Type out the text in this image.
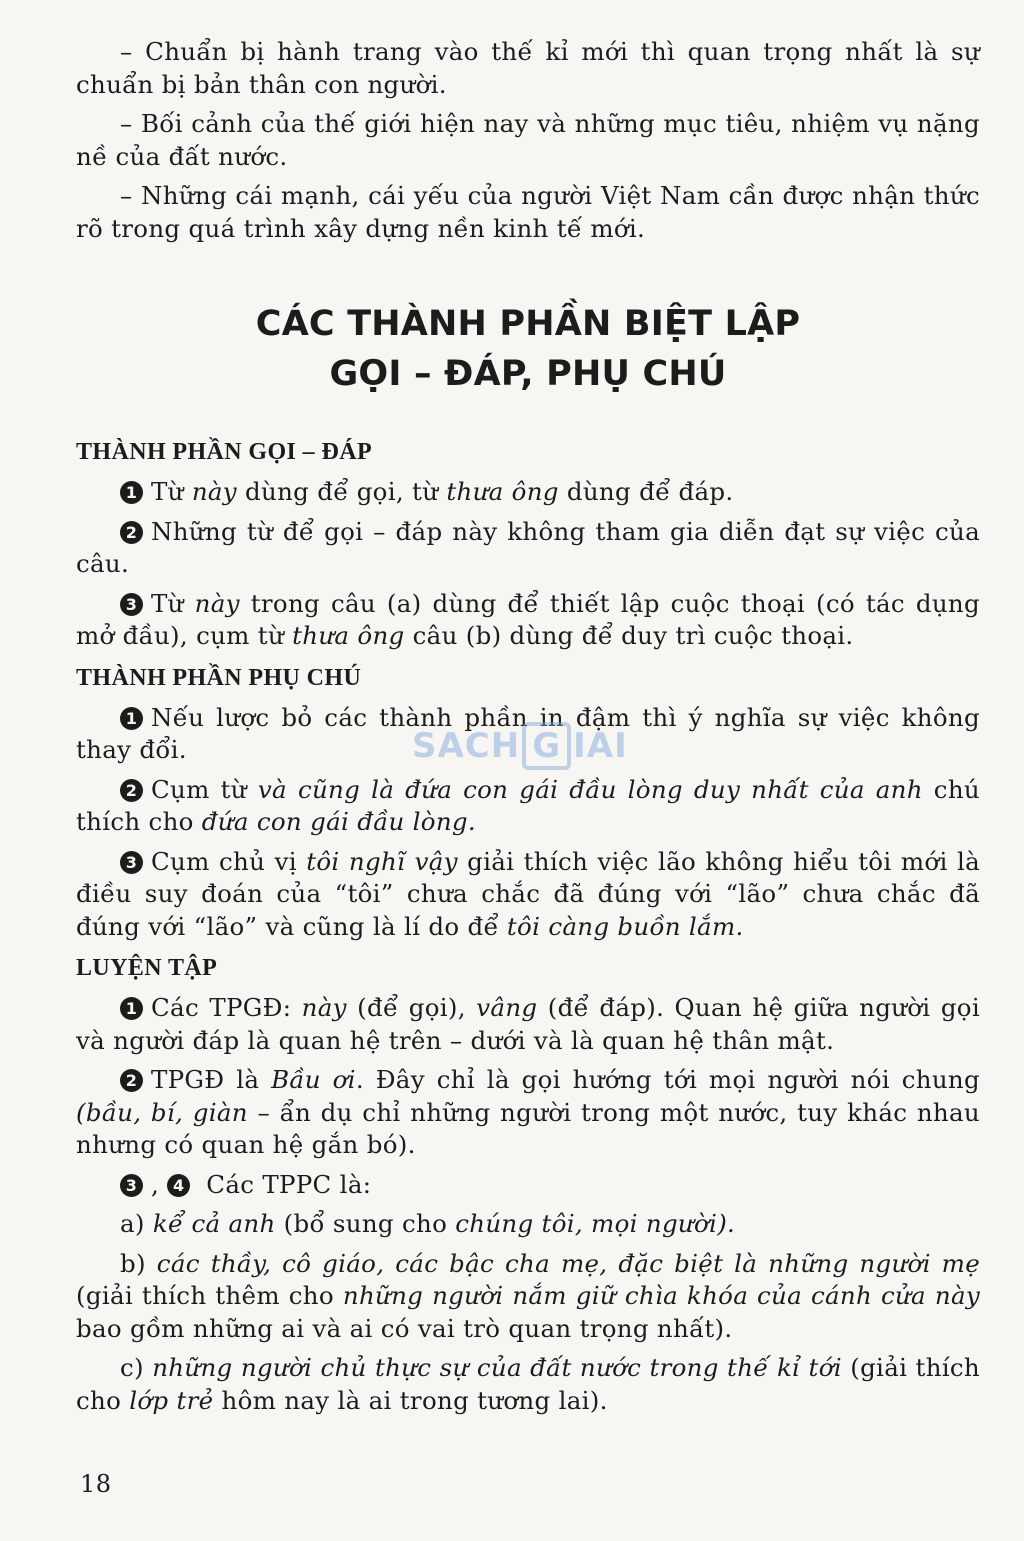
– Chuẩn bị hành trang vào thế kỉ mới thì quan trọng nhất là sự chuẩn bị bản thân con người.

– Bối cảnh của thế giới hiện nay và những mục tiêu, nhiệm vụ nặng nề của đất nước.

– Những cái mạnh, cái yếu của người Việt Nam cần được nhận thức rõ trong quá trình xây dựng nền kinh tế mới.

CÁC THÀNH PHẦN BIỆT LẬP
GỌI – ĐÁP, PHỤ CHÚ
THÀNH PHẦN GỌI – ĐÁP

1 Từ này dùng để gọi, từ thưa ông dùng để đáp.

2 Những từ để gọi – đáp này không tham gia diễn đạt sự việc của câu.

3 Từ này trong câu (a) dùng để thiết lập cuộc thoại (có tác dụng mở đầu), cụm từ thưa ông câu (b) dùng để duy trì cuộc thoại.

THÀNH PHẦN PHỤ CHÚ

1 Nếu lược bỏ các thành phần in đậm thì ý nghĩa sự việc không thay đổi.

2 Cụm từ và cũng là đứa con gái đầu lòng duy nhất của anh chú thích cho đứa con gái đầu lòng.

3 Cụm chủ vị tôi nghĩ vậy giải thích việc lão không hiểu tôi mới là điều suy đoán của “tôi” chưa chắc đã đúng với “lão” chưa chắc đã đúng với “lão” và cũng là lí do để tôi càng buồn lắm.

LUYỆN TẬP

1 Các TPGĐ: này (để gọi), vâng (để đáp). Quan hệ giữa người gọi và người đáp là quan hệ trên – dưới và là quan hệ thân mật.

2 TPGĐ là Bầu ơi. Đây chỉ là gọi hướng tới mọi người nói chung (bầu, bí, giàn – ẩn dụ chỉ những người trong một nước, tuy khác nhau nhưng có quan hệ gắn bó).

3 , 4 Các TPPC là:

a) kể cả anh (bổ sung cho chúng tôi, mọi người).

b) các thầy, cô giáo, các bậc cha mẹ, đặc biệt là những người mẹ (giải thích thêm cho những người nắm giữ chìa khóa của cánh cửa này bao gồm những ai và ai có vai trò quan trọng nhất).

c) những người chủ thực sự của đất nước trong thế kỉ tới (giải thích cho lớp trẻ hôm nay là ai trong tương lai).

SACH G IAI
18
